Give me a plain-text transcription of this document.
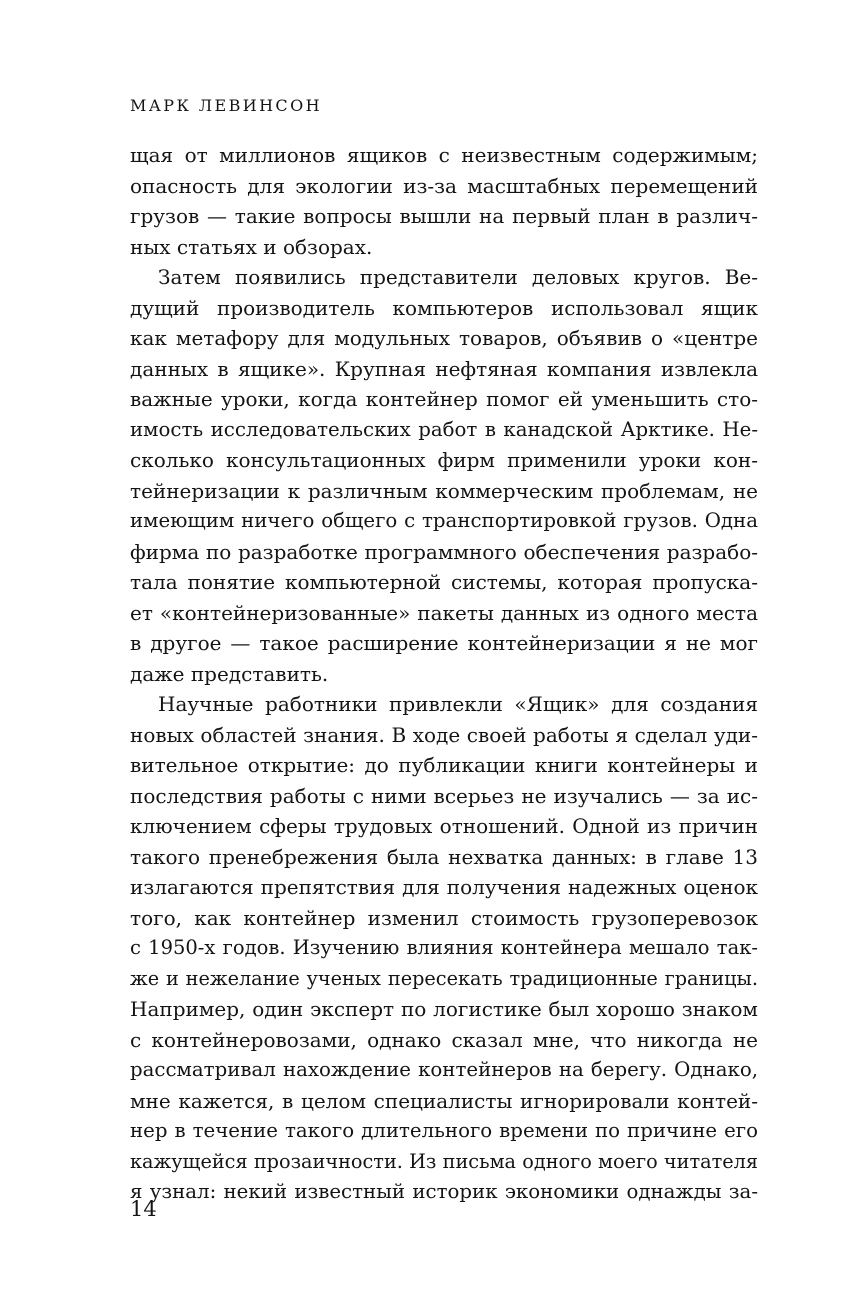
МАРК ЛЕВИНСОН
щая от миллионов ящиков с неизвестным содержимым;
опасность для экологии из-за масштабных перемещений
грузов — такие вопросы вышли на первый план в различ-
ных статьях и обзорах.
Затем появились представители деловых кругов. Ве-
дущий производитель компьютеров использовал ящик
как метафору для модульных товаров, объявив о «центре
данных в ящике». Крупная нефтяная компания извлекла
важные уроки, когда контейнер помог ей уменьшить сто-
имость исследовательских работ в канадской Арктике. Не-
сколько консультационных фирм применили уроки кон-
тейнеризации к различным коммерческим проблемам, не
имеющим ничего общего с транспортировкой грузов. Одна
фирма по разработке программного обеспечения разрабо-
тала понятие компьютерной системы, которая пропуска-
ет «контейнеризованные» пакеты данных из одного места
в другое — такое расширение контейнеризации я не мог
даже представить.
Научные работники привлекли «Ящик» для создания
новых областей знания. В ходе своей работы я сделал уди-
вительное открытие: до публикации книги контейнеры и
последствия работы с ними всерьез не изучались — за ис-
ключением сферы трудовых отношений. Одной из причин
такого пренебрежения была нехватка данных: в главе 13
излагаются препятствия для получения надежных оценок
того, как контейнер изменил стоимость грузоперевозок
с 1950-х годов. Изучению влияния контейнера мешало так-
же и нежелание ученых пересекать традиционные границы.
Например, один эксперт по логистике был хорошо знаком
с контейнеровозами, однако сказал мне, что никогда не
рассматривал нахождение контейнеров на берегу. Однако,
мне кажется, в целом специалисты игнорировали контей-
нер в течение такого длительного времени по причине его
кажущейся прозаичности. Из письма одного моего читателя
я узнал: некий известный историк экономики однажды за-
14
